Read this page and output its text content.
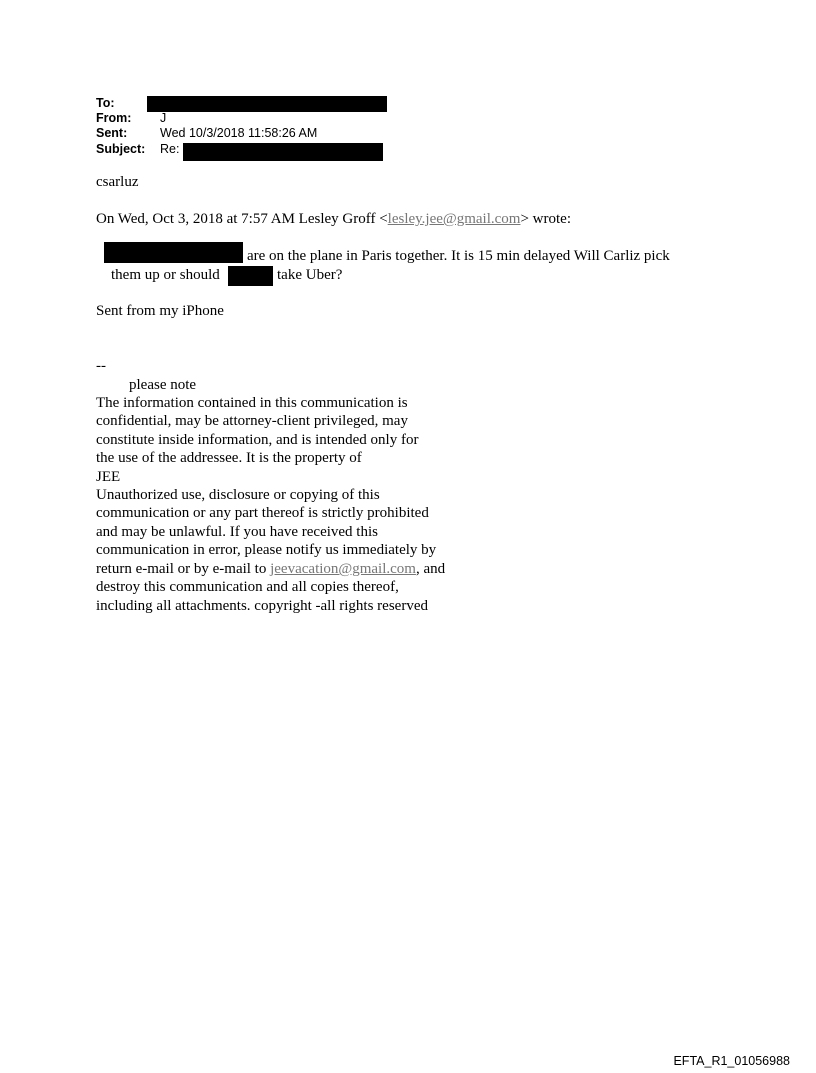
To:
From: J
Sent:	Wed 10/3/2018 11:58:26 AM
Subject: Re:
csarluz
On Wed, Oct 3, 2018 at 7:57 AM Lesley Groff <lesley.jee@gmail.com> wrote:
are on the plane in Paris together. It is 15 min delayed Will Carliz pick
them up or should	take Uber?
Sent from my iPhone
--
please note
The information contained in this communication is
confidential, may be attorney-client privileged, may
constitute inside information, and is intended only for
the use of the addressee. It is the property of
JEE
Unauthorized use, disclosure or copying of this
communication or any part thereof is strictly prohibited
and may be unlawful. If you have received this
communication in error, please notify us immediately by
return e-mail or by e-mail to jeevacation@gmail.com, and
destroy this communication and all copies thereof,
including all attachments. copyright -all rights reserved
EFTA_R1_01056988
